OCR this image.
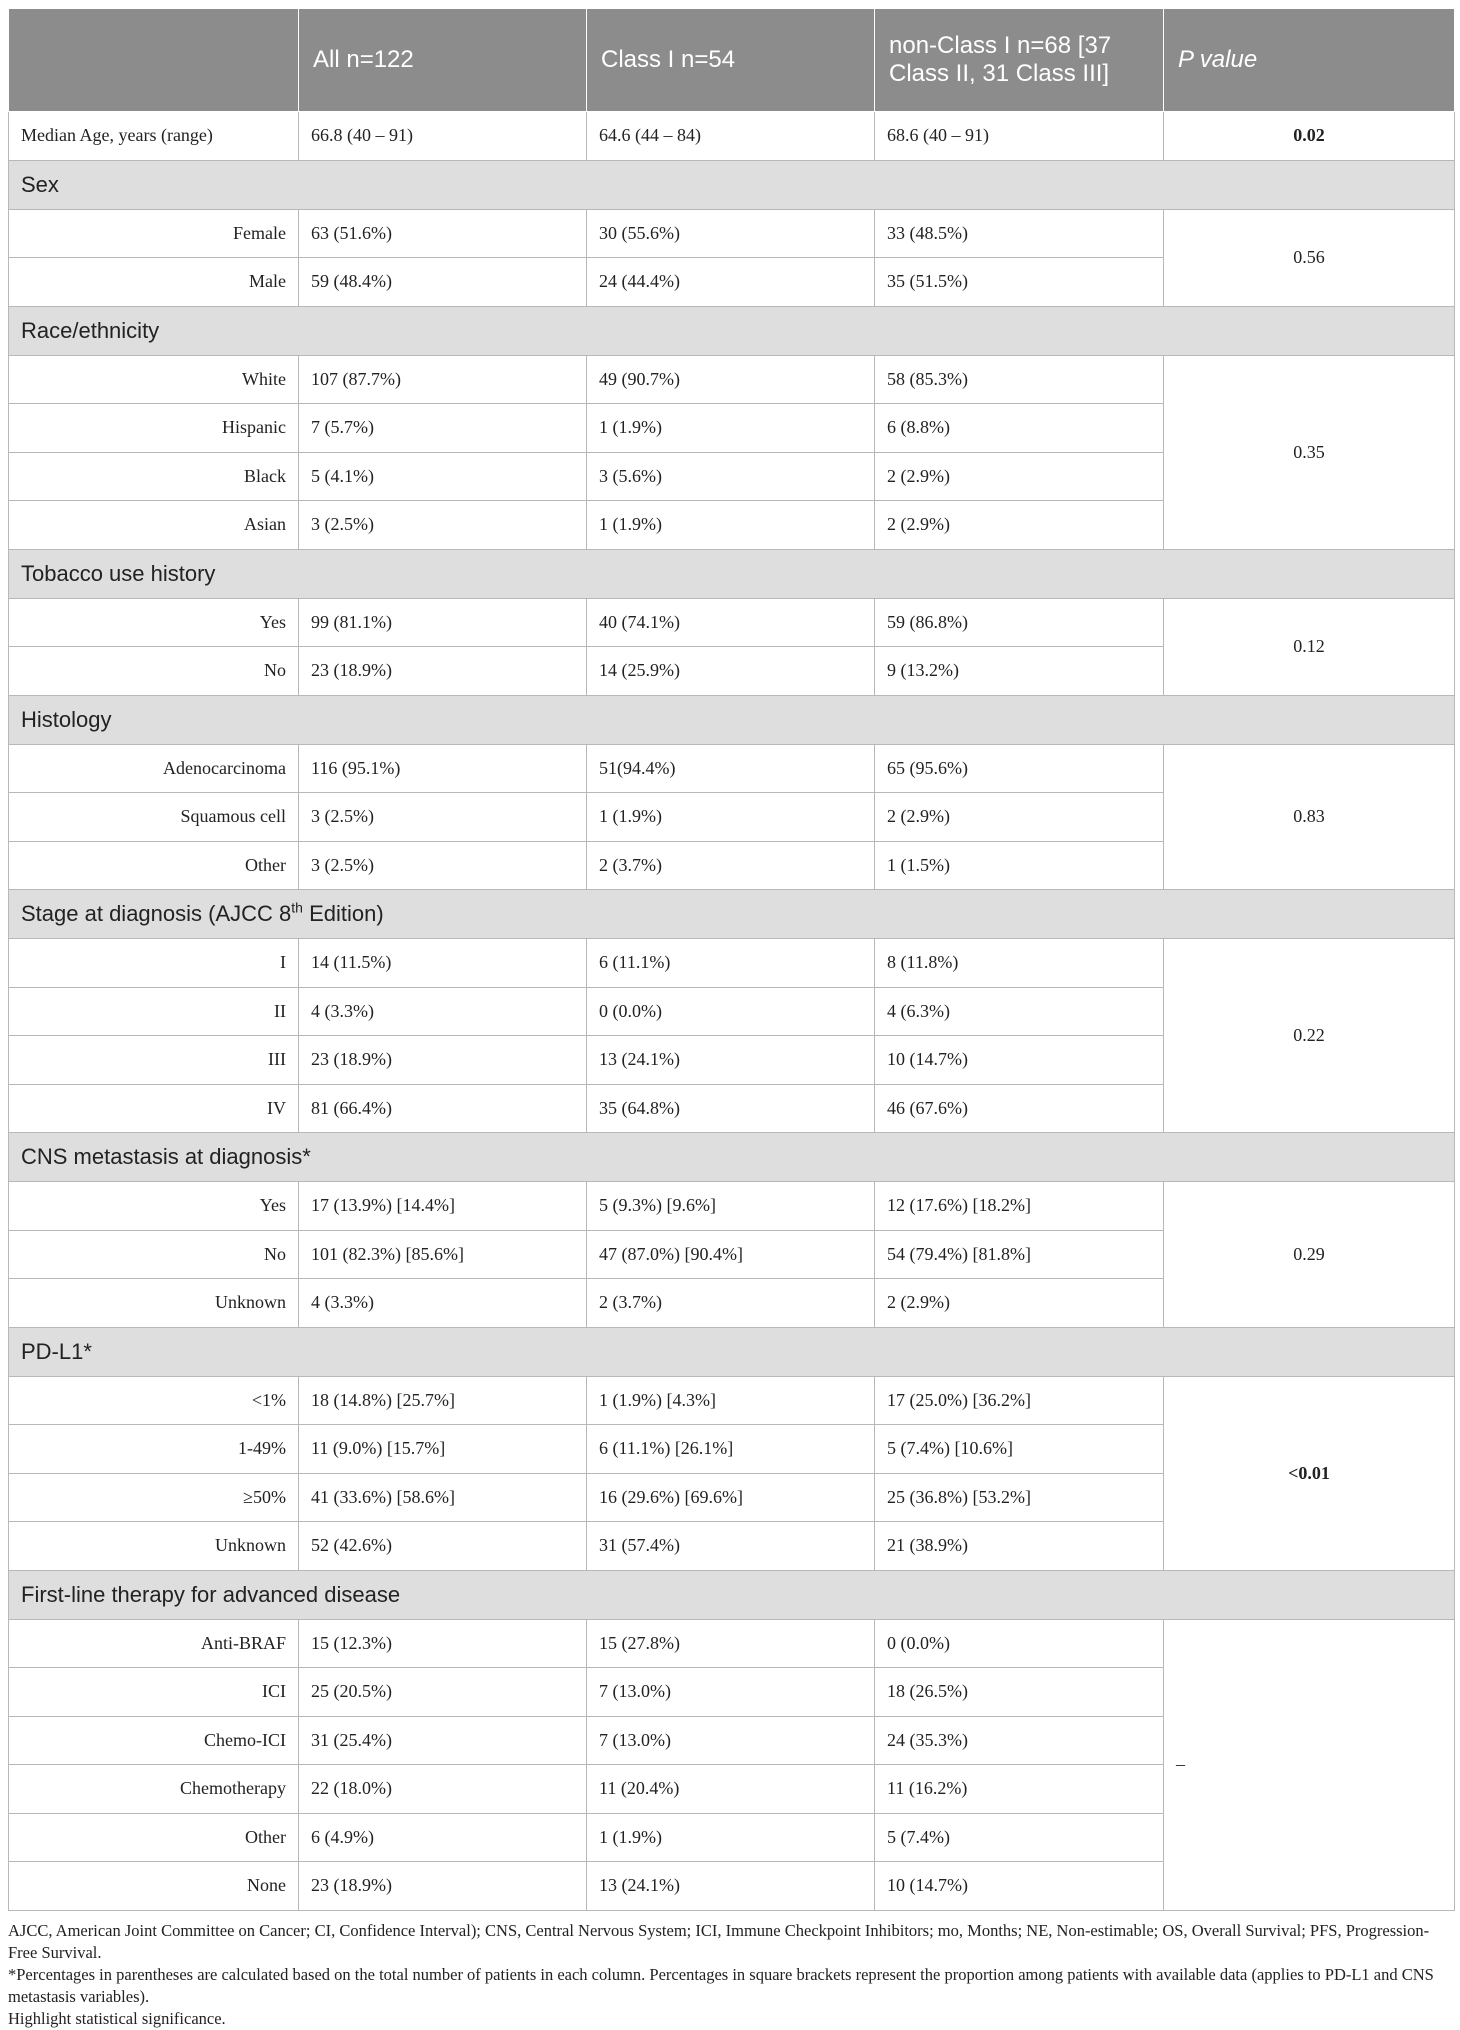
	All n=122	Class I n=54	non-Class I n=68 [37 Class II, 31 Class III]	P value
Median Age, years (range)	66.8 (40 – 91)	64.6 (44 – 84)	68.6 (40 – 91)	0.02
Sex				
Female	63 (51.6%)	30 (55.6%)	33 (48.5%)	0.56
Male	59 (48.4%)	24 (44.4%)	35 (51.5%)	
Race/ethnicity				
White	107 (87.7%)	49 (90.7%)	58 (85.3%)	0.35
Hispanic	7 (5.7%)	1 (1.9%)	6 (8.8%)	
Black	5 (4.1%)	3 (5.6%)	2 (2.9%)	
Asian	3 (2.5%)	1 (1.9%)	2 (2.9%)	
Tobacco use history				
Yes	99 (81.1%)	40 (74.1%)	59 (86.8%)	0.12
No	23 (18.9%)	14 (25.9%)	9 (13.2%)	
Histology				
Adenocarcinoma	116 (95.1%)	51(94.4%)	65 (95.6%)	0.83
Squamous cell	3 (2.5%)	1 (1.9%)	2 (2.9%)	
Other	3 (2.5%)	2 (3.7%)	1 (1.5%)	
Stage at diagnosis (AJCC 8th Edition)				
I	14 (11.5%)	6 (11.1%)	8 (11.8%)	0.22
II	4 (3.3%)	0 (0.0%)	4 (6.3%)	
III	23 (18.9%)	13 (24.1%)	10 (14.7%)	
IV	81 (66.4%)	35 (64.8%)	46 (67.6%)	
CNS metastasis at diagnosis*				
Yes	17 (13.9%) [14.4%]	5 (9.3%) [9.6%]	12 (17.6%) [18.2%]	0.29
No	101 (82.3%) [85.6%]	47 (87.0%) [90.4%]	54 (79.4%) [81.8%]	
Unknown	4 (3.3%)	2 (3.7%)	2 (2.9%)	
PD-L1*				
<1%	18 (14.8%) [25.7%]	1 (1.9%) [4.3%]	17 (25.0%) [36.2%]	<0.01
1-49%	11 (9.0%) [15.7%]	6 (11.1%) [26.1%]	5 (7.4%) [10.6%]	
≥50%	41 (33.6%) [58.6%]	16 (29.6%) [69.6%]	25 (36.8%) [53.2%]	
Unknown	52 (42.6%)	31 (57.4%)	21 (38.9%)	
First-line therapy for advanced disease				
Anti-BRAF	15 (12.3%)	15 (27.8%)	0 (0.0%)	–
ICI	25 (20.5%)	7 (13.0%)	18 (26.5%)	
Chemo-ICI	31 (25.4%)	7 (13.0%)	24 (35.3%)	
Chemotherapy	22 (18.0%)	11 (20.4%)	11 (16.2%)	
Other	6 (4.9%)	1 (1.9%)	5 (7.4%)	
None	23 (18.9%)	13 (24.1%)	10 (14.7%)	

AJCC, American Joint Committee on Cancer; CI, Confidence Interval); CNS, Central Nervous System; ICI, Immune Checkpoint Inhibitors; mo, Months; NE, Non-estimable; OS, Overall Survival; PFS, Progression-Free Survival.

*Percentages in parentheses are calculated based on the total number of patients in each column. Percentages in square brackets represent the proportion among patients with available data (applies to PD-L1 and CNS metastasis variables).

Highlight statistical significance.
